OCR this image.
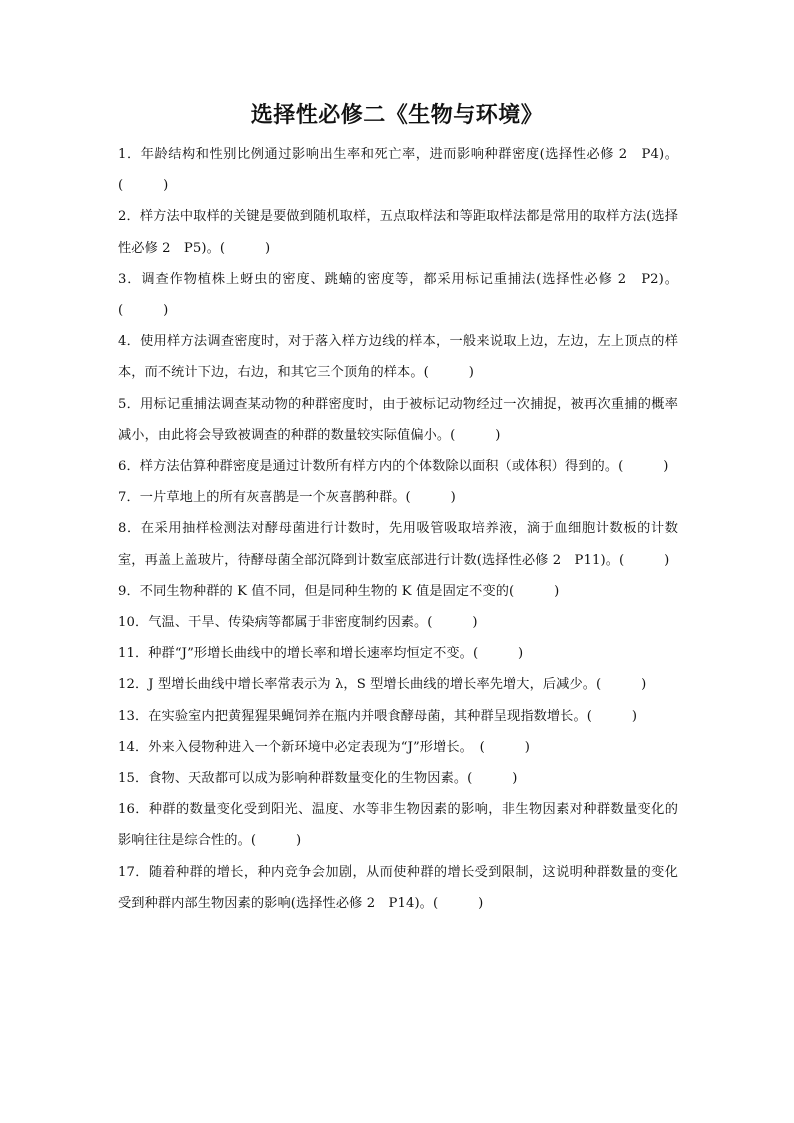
选择性必修二《生物与环境》

1．年龄结构和性别比例通过影响出生率和死亡率，进而影响种群密度(选择性必修 2　P4)。(　　　)

2．样方法中取样的关键是要做到随机取样，五点取样法和等距取样法都是常用的取样方法(选择性必修 2　P5)。(　　　)

3．调查作物植株上蚜虫的密度、跳蝻的密度等，都采用标记重捕法(选择性必修 2　P2)。(　　　)

4．使用样方法调查密度时，对于落入样方边线的样本，一般来说取上边，左边，左上顶点的样本，而不统计下边，右边，和其它三个顶角的样本。(　　　)

5．用标记重捕法调查某动物的种群密度时，由于被标记动物经过一次捕捉，被再次重捕的概率减小，由此将会导致被调查的种群的数量较实际值偏小。(　　　)

6．样方法估算种群密度是通过计数所有样方内的个体数除以面积（或体积）得到的。(　　　)

7．一片草地上的所有灰喜鹊是一个灰喜鹊种群。(　　　)

8．在采用抽样检测法对酵母菌进行计数时，先用吸管吸取培养液，滴于血细胞计数板的计数室，再盖上盖玻片，待酵母菌全部沉降到计数室底部进行计数(选择性必修 2　P11)。(　　　)

9．不同生物种群的 K 值不同，但是同种生物的 K 值是固定不变的(　　　)

10．气温、干旱、传染病等都属于非密度制约因素。(　　　)

11．种群“J”形增长曲线中的增长率和增长速率均恒定不变。(　　　)

12．J 型增长曲线中增长率常表示为 λ，S 型增长曲线的增长率先增大，后减少。(　　　)

13．在实验室内把黄猩猩果蝇饲养在瓶内并喂食酵母菌，其种群呈现指数增长。(　　　)

14．外来入侵物种进入一个新环境中必定表现为“J”形增长。　(　　　)

15．食物、天敌都可以成为影响种群数量变化的生物因素。(　　　)

16．种群的数量变化受到阳光、温度、水等非生物因素的影响，非生物因素对种群数量变化的影响往往是综合性的。(　　　)

17．随着种群的增长，种内竞争会加剧，从而使种群的增长受到限制，这说明种群数量的变化受到种群内部生物因素的影响(选择性必修 2　P14)。(　　　)
